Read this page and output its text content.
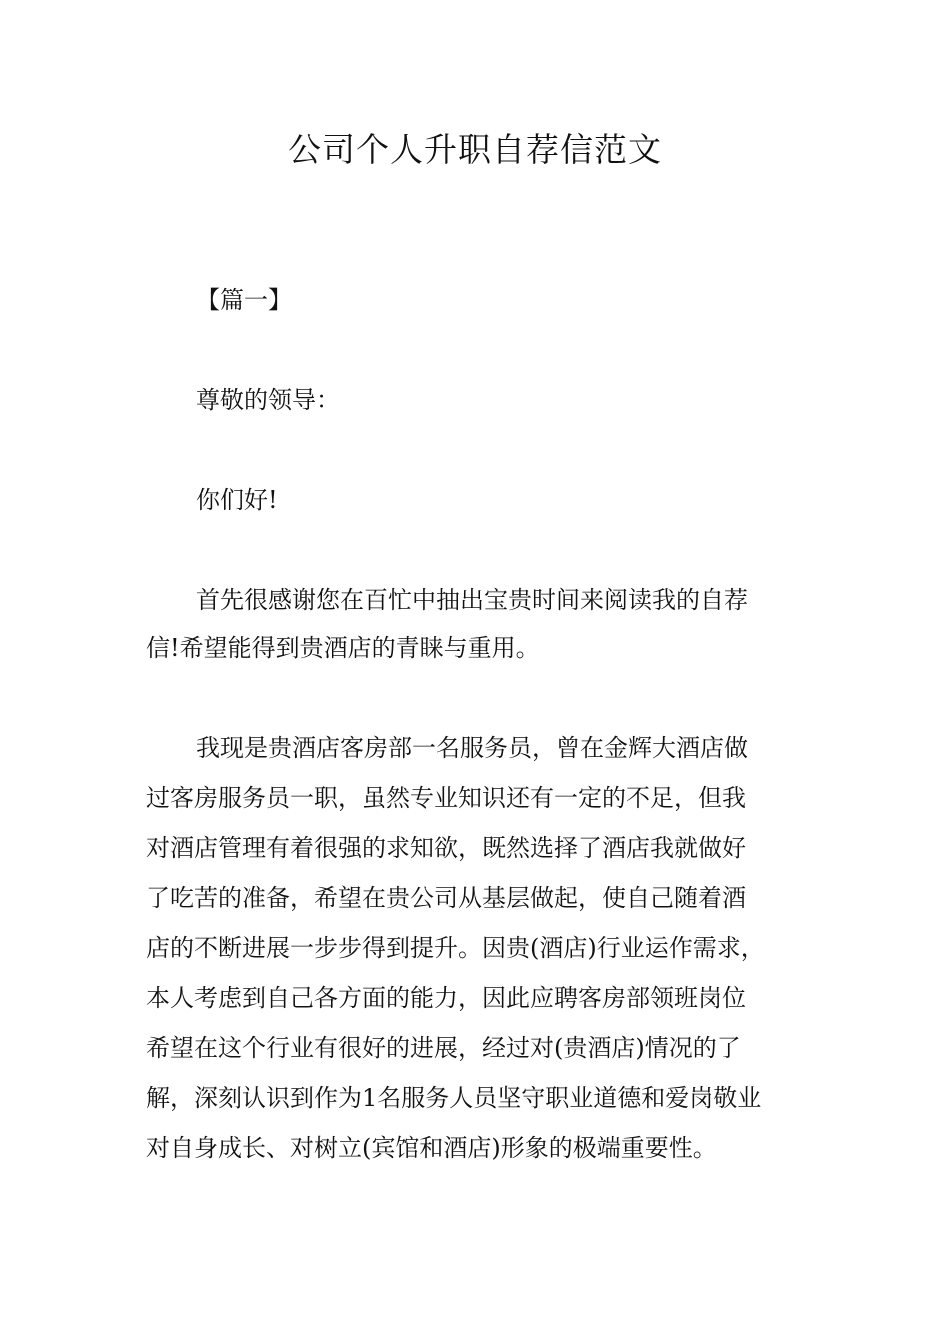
公司个人升职自荐信范文

【篇一】

尊敬的领导：

你们好!

首先很感谢您在百忙中抽出宝贵时间来阅读我的自荐

信!希望能得到贵酒店的青睐与重用。

我现是贵酒店客房部一名服务员，曾在金辉大酒店做

过客房服务员一职，虽然专业知识还有一定的不足，但我

对酒店管理有着很强的求知欲，既然选择了酒店我就做好

了吃苦的准备，希望在贵公司从基层做起，使自己随着酒

店的不断进展一步步得到提升。因贵(酒店)行业运作需求，

本人考虑到自己各方面的能力，因此应聘客房部领班岗位

希望在这个行业有很好的进展，经过对(贵酒店)情况的了

解，深刻认识到作为1名服务人员坚守职业道德和爱岗敬业

对自身成长、对树立(宾馆和酒店)形象的极端重要性。
